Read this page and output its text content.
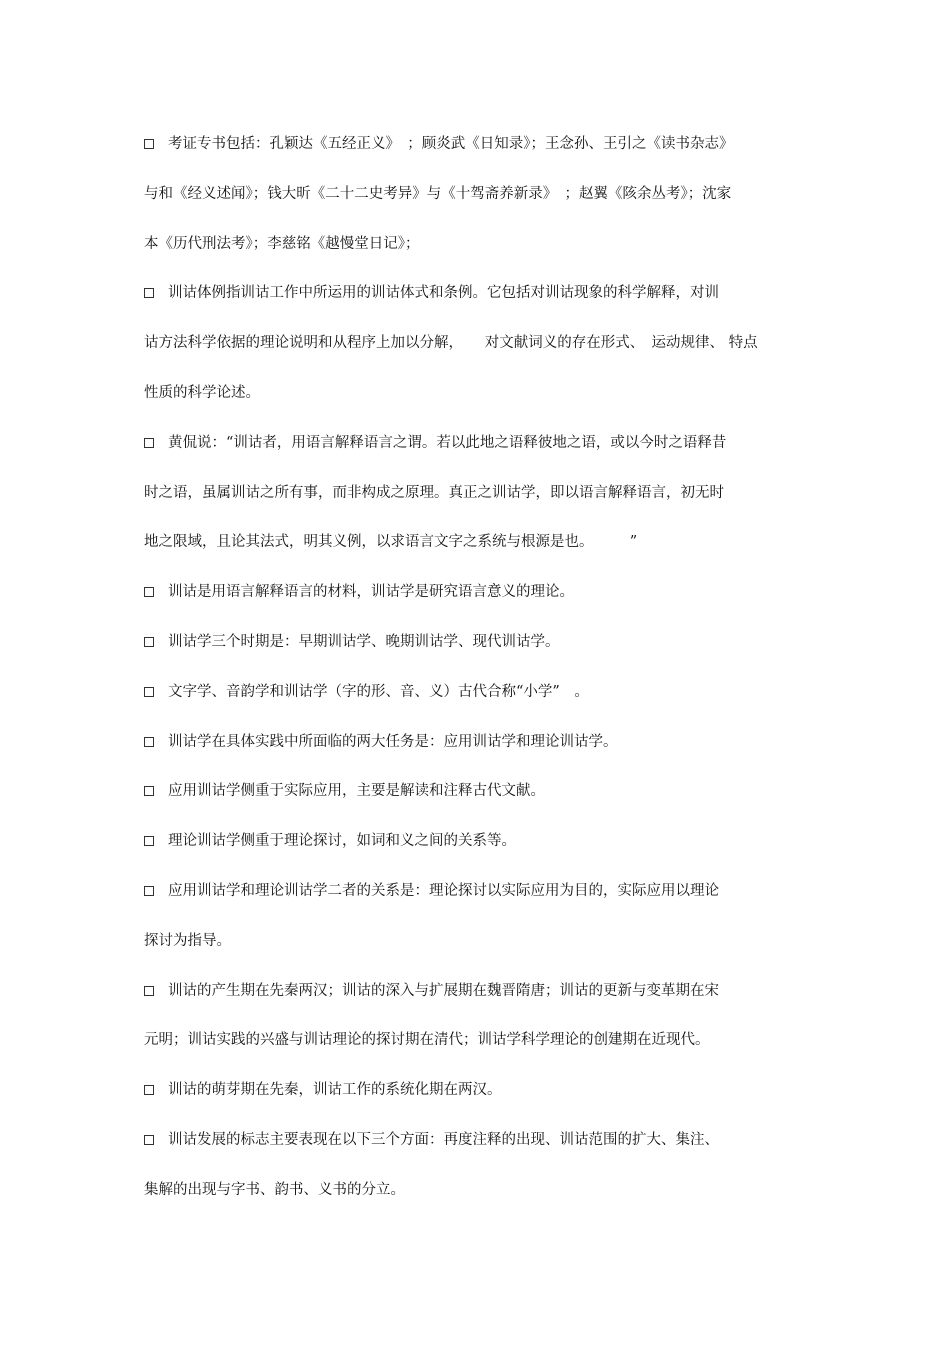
考证专书包括：孔颖达《五经正义》　；顾炎武《日知录》；王念孙、王引之《读书杂志》
与和《经义述闻》；钱大昕《二十二史考异》与《十驾斋养新录》　；赵翼《陔余丛考》；沈家
本《历代刑法考》；李慈铭《越慢堂日记》；
训诂体例指训诂工作中所运用的训诂体式和条例。它包括对训诂现象的科学解释，对训
诂方法科学依据的理论说明和从程序上加以分解，　　对文献词义的存在形式、　运动规律、 特点
性质的科学论述。
黄侃说：“训诂者，用语言解释语言之谓。若以此地之语释彼地之语，或以今时之语释昔
时之语，虽属训诂之所有事，而非构成之原理。真正之训诂学，即以语言解释语言，初无时
地之限域，且论其法式，明其义例，以求语言文字之系统与根源是也。　　　”
训诂是用语言解释语言的材料，训诂学是研究语言意义的理论。
训诂学三个时期是：早期训诂学、晚期训诂学、现代训诂学。
文字学、音韵学和训诂学（字的形、音、义）古代合称“小学”　。
训诂学在具体实践中所面临的两大任务是：应用训诂学和理论训诂学。
应用训诂学侧重于实际应用，主要是解读和注释古代文献。
理论训诂学侧重于理论探讨，如词和义之间的关系等。
应用训诂学和理论训诂学二者的关系是：理论探讨以实际应用为目的，实际应用以理论
探讨为指导。
训诂的产生期在先秦两汉；训诂的深入与扩展期在魏晋隋唐；训诂的更新与变革期在宋
元明；训诂实践的兴盛与训诂理论的探讨期在清代；训诂学科学理论的创建期在近现代。
训诂的萌芽期在先秦，训诂工作的系统化期在两汉。
训诂发展的标志主要表现在以下三个方面：再度注释的出现、训诂范围的扩大、集注、
集解的出现与字书、韵书、义书的分立。
